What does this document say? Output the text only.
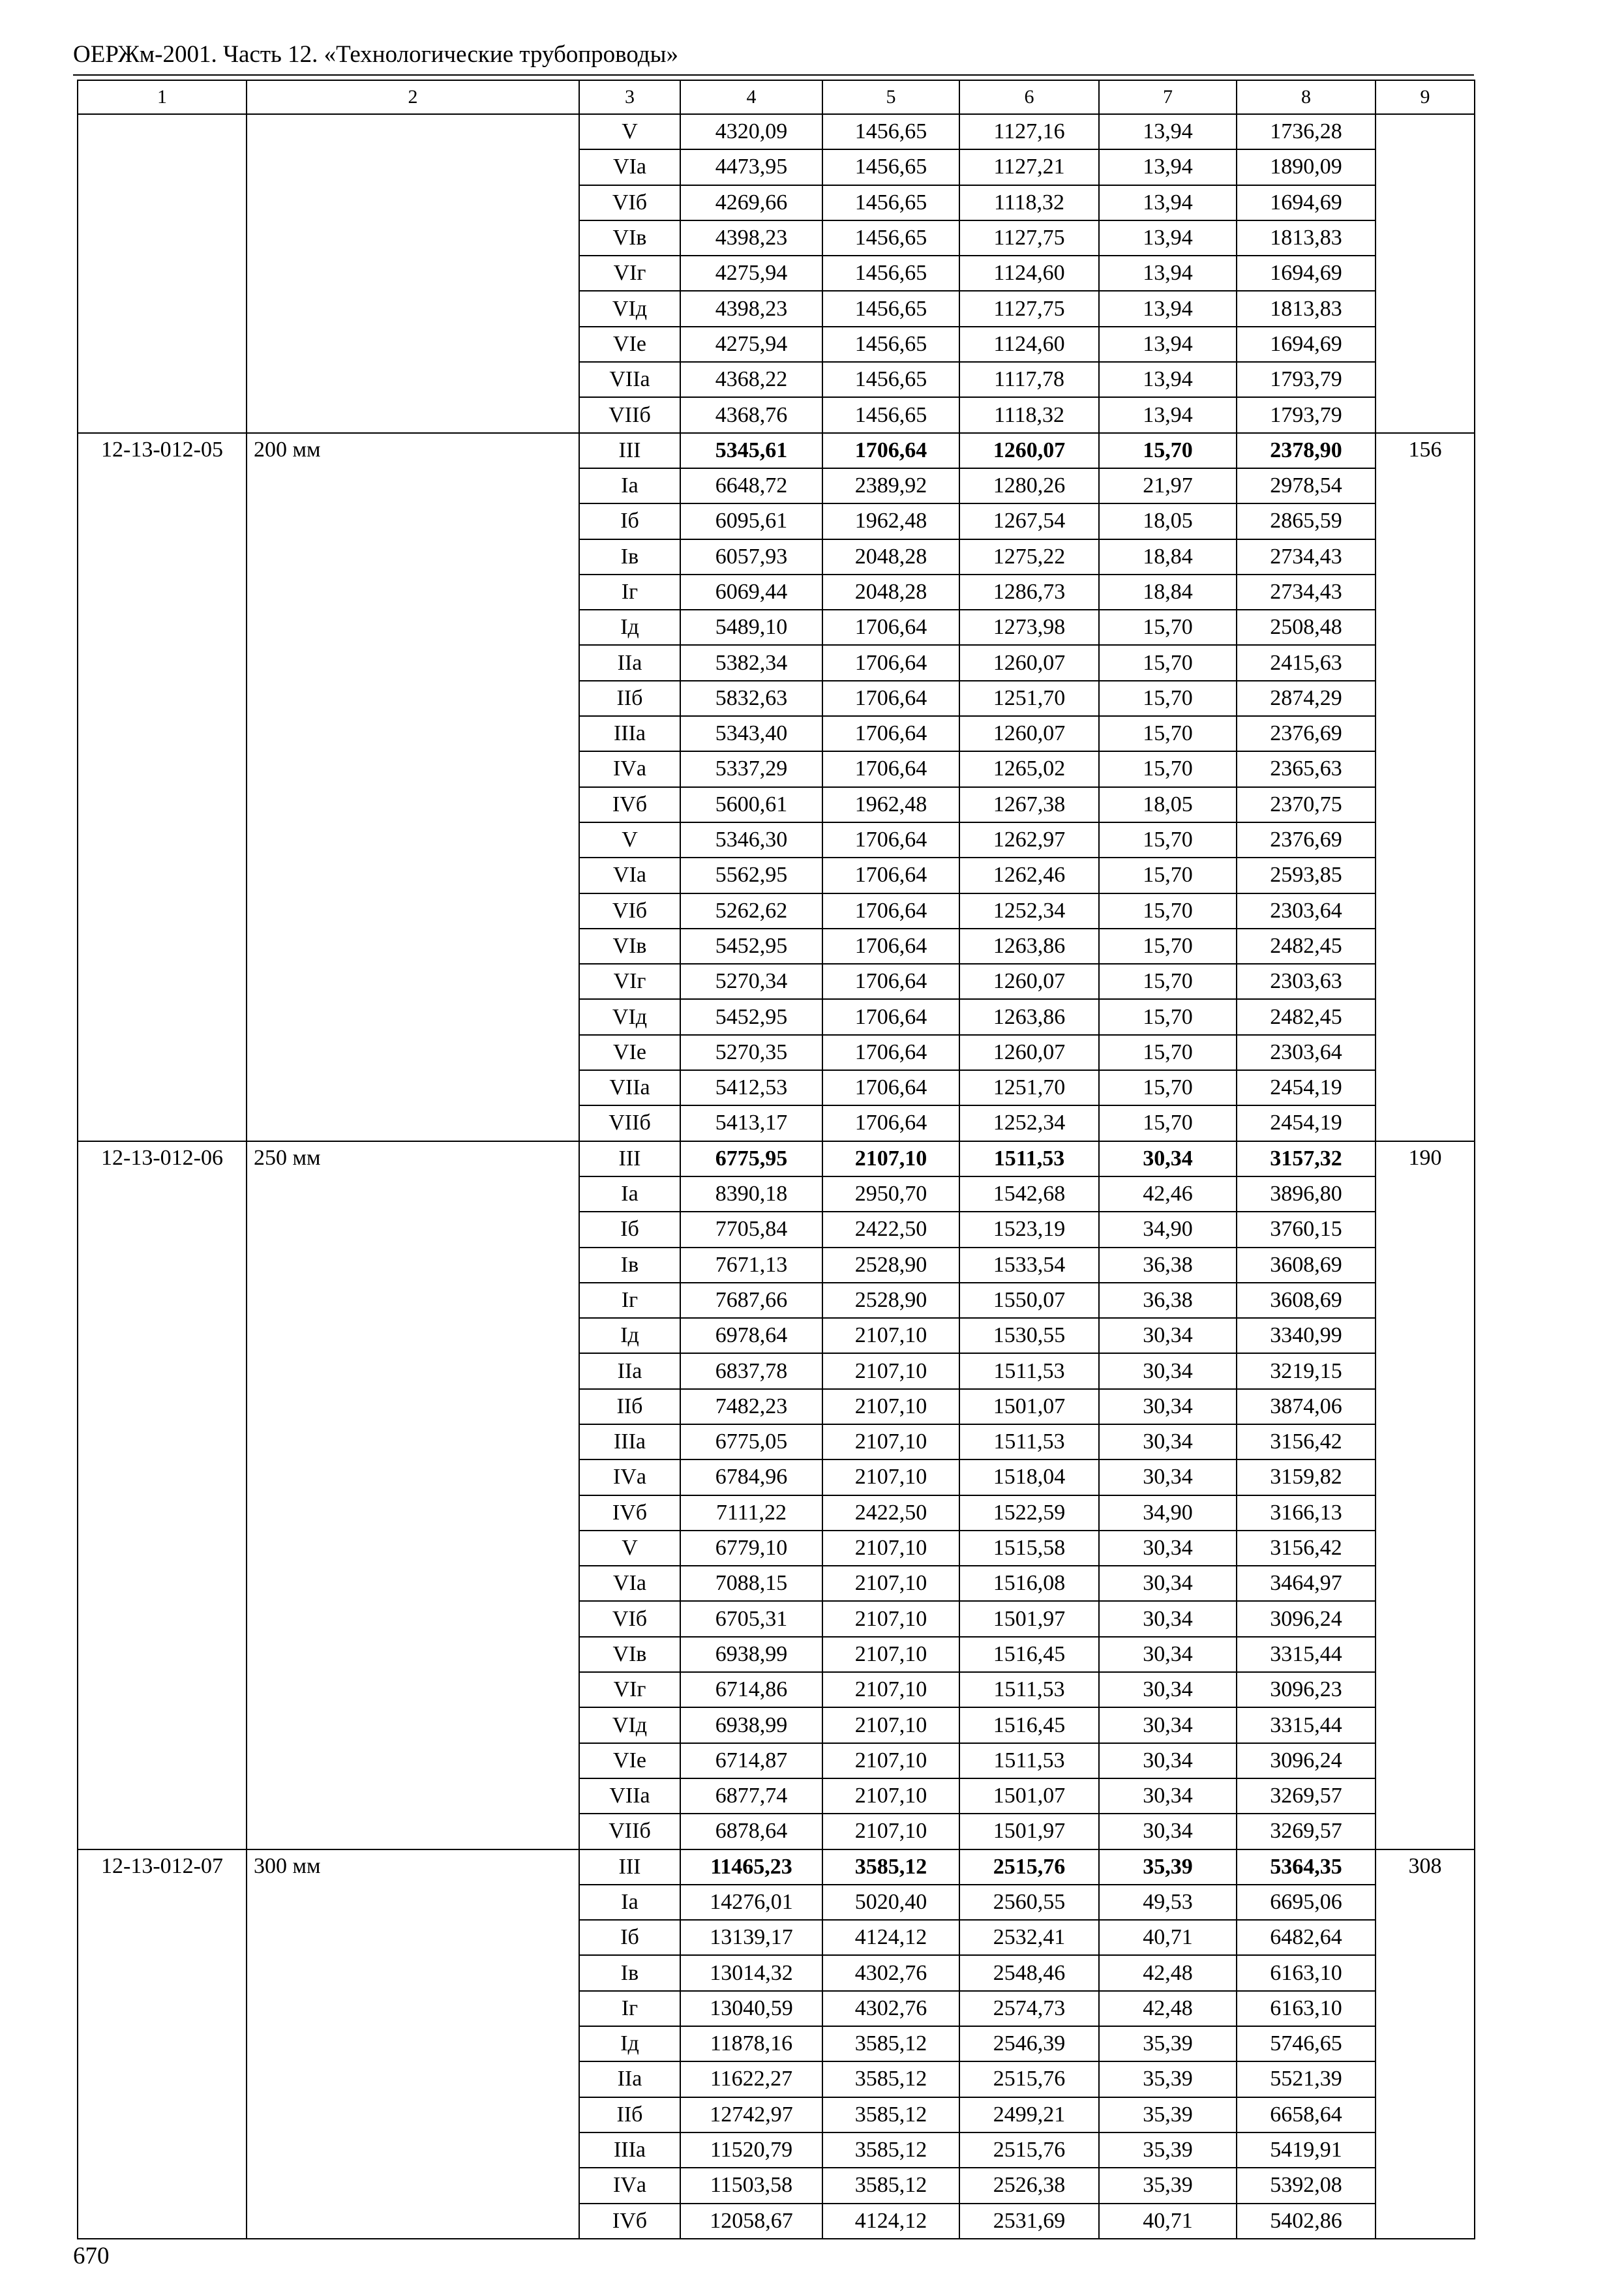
ОЕРЖм-2001. Часть 12. «Технологические трубопроводы»
1	2	3	4	5	6	7	8	9
		V	4320,09	1456,65	1127,16	13,94	1736,28	
		VIа	4473,95	1456,65	1127,21	13,94	1890,09	
		VIб	4269,66	1456,65	1118,32	13,94	1694,69	
		VIв	4398,23	1456,65	1127,75	13,94	1813,83	
		VIг	4275,94	1456,65	1124,60	13,94	1694,69	
		VIд	4398,23	1456,65	1127,75	13,94	1813,83	
		VIе	4275,94	1456,65	1124,60	13,94	1694,69	
		VIIа	4368,22	1456,65	1117,78	13,94	1793,79	
		VIIб	4368,76	1456,65	1118,32	13,94	1793,79	
12-13-012-05	200 мм	III	5345,61	1706,64	1260,07	15,70	2378,90	156
		Iа	6648,72	2389,92	1280,26	21,97	2978,54	
		Iб	6095,61	1962,48	1267,54	18,05	2865,59	
		Iв	6057,93	2048,28	1275,22	18,84	2734,43	
		Iг	6069,44	2048,28	1286,73	18,84	2734,43	
		Iд	5489,10	1706,64	1273,98	15,70	2508,48	
		IIа	5382,34	1706,64	1260,07	15,70	2415,63	
		IIб	5832,63	1706,64	1251,70	15,70	2874,29	
		IIIа	5343,40	1706,64	1260,07	15,70	2376,69	
		IVа	5337,29	1706,64	1265,02	15,70	2365,63	
		IVб	5600,61	1962,48	1267,38	18,05	2370,75	
		V	5346,30	1706,64	1262,97	15,70	2376,69	
		VIа	5562,95	1706,64	1262,46	15,70	2593,85	
		VIб	5262,62	1706,64	1252,34	15,70	2303,64	
		VIв	5452,95	1706,64	1263,86	15,70	2482,45	
		VIг	5270,34	1706,64	1260,07	15,70	2303,63	
		VIд	5452,95	1706,64	1263,86	15,70	2482,45	
		VIе	5270,35	1706,64	1260,07	15,70	2303,64	
		VIIа	5412,53	1706,64	1251,70	15,70	2454,19	
		VIIб	5413,17	1706,64	1252,34	15,70	2454,19	
12-13-012-06	250 мм	III	6775,95	2107,10	1511,53	30,34	3157,32	190
		Iа	8390,18	2950,70	1542,68	42,46	3896,80	
		Iб	7705,84	2422,50	1523,19	34,90	3760,15	
		Iв	7671,13	2528,90	1533,54	36,38	3608,69	
		Iг	7687,66	2528,90	1550,07	36,38	3608,69	
		Iд	6978,64	2107,10	1530,55	30,34	3340,99	
		IIа	6837,78	2107,10	1511,53	30,34	3219,15	
		IIб	7482,23	2107,10	1501,07	30,34	3874,06	
		IIIа	6775,05	2107,10	1511,53	30,34	3156,42	
		IVа	6784,96	2107,10	1518,04	30,34	3159,82	
		IVб	7111,22	2422,50	1522,59	34,90	3166,13	
		V	6779,10	2107,10	1515,58	30,34	3156,42	
		VIа	7088,15	2107,10	1516,08	30,34	3464,97	
		VIб	6705,31	2107,10	1501,97	30,34	3096,24	
		VIв	6938,99	2107,10	1516,45	30,34	3315,44	
		VIг	6714,86	2107,10	1511,53	30,34	3096,23	
		VIд	6938,99	2107,10	1516,45	30,34	3315,44	
		VIе	6714,87	2107,10	1511,53	30,34	3096,24	
		VIIа	6877,74	2107,10	1501,07	30,34	3269,57	
		VIIб	6878,64	2107,10	1501,97	30,34	3269,57	
12-13-012-07	300 мм	III	11465,23	3585,12	2515,76	35,39	5364,35	308
		Iа	14276,01	5020,40	2560,55	49,53	6695,06	
		Iб	13139,17	4124,12	2532,41	40,71	6482,64	
		Iв	13014,32	4302,76	2548,46	42,48	6163,10	
		Iг	13040,59	4302,76	2574,73	42,48	6163,10	
		Iд	11878,16	3585,12	2546,39	35,39	5746,65	
		IIа	11622,27	3585,12	2515,76	35,39	5521,39	
		IIб	12742,97	3585,12	2499,21	35,39	6658,64	
		IIIа	11520,79	3585,12	2515,76	35,39	5419,91	
		IVа	11503,58	3585,12	2526,38	35,39	5392,08	
		IVб	12058,67	4124,12	2531,69	40,71	5402,86	
670
